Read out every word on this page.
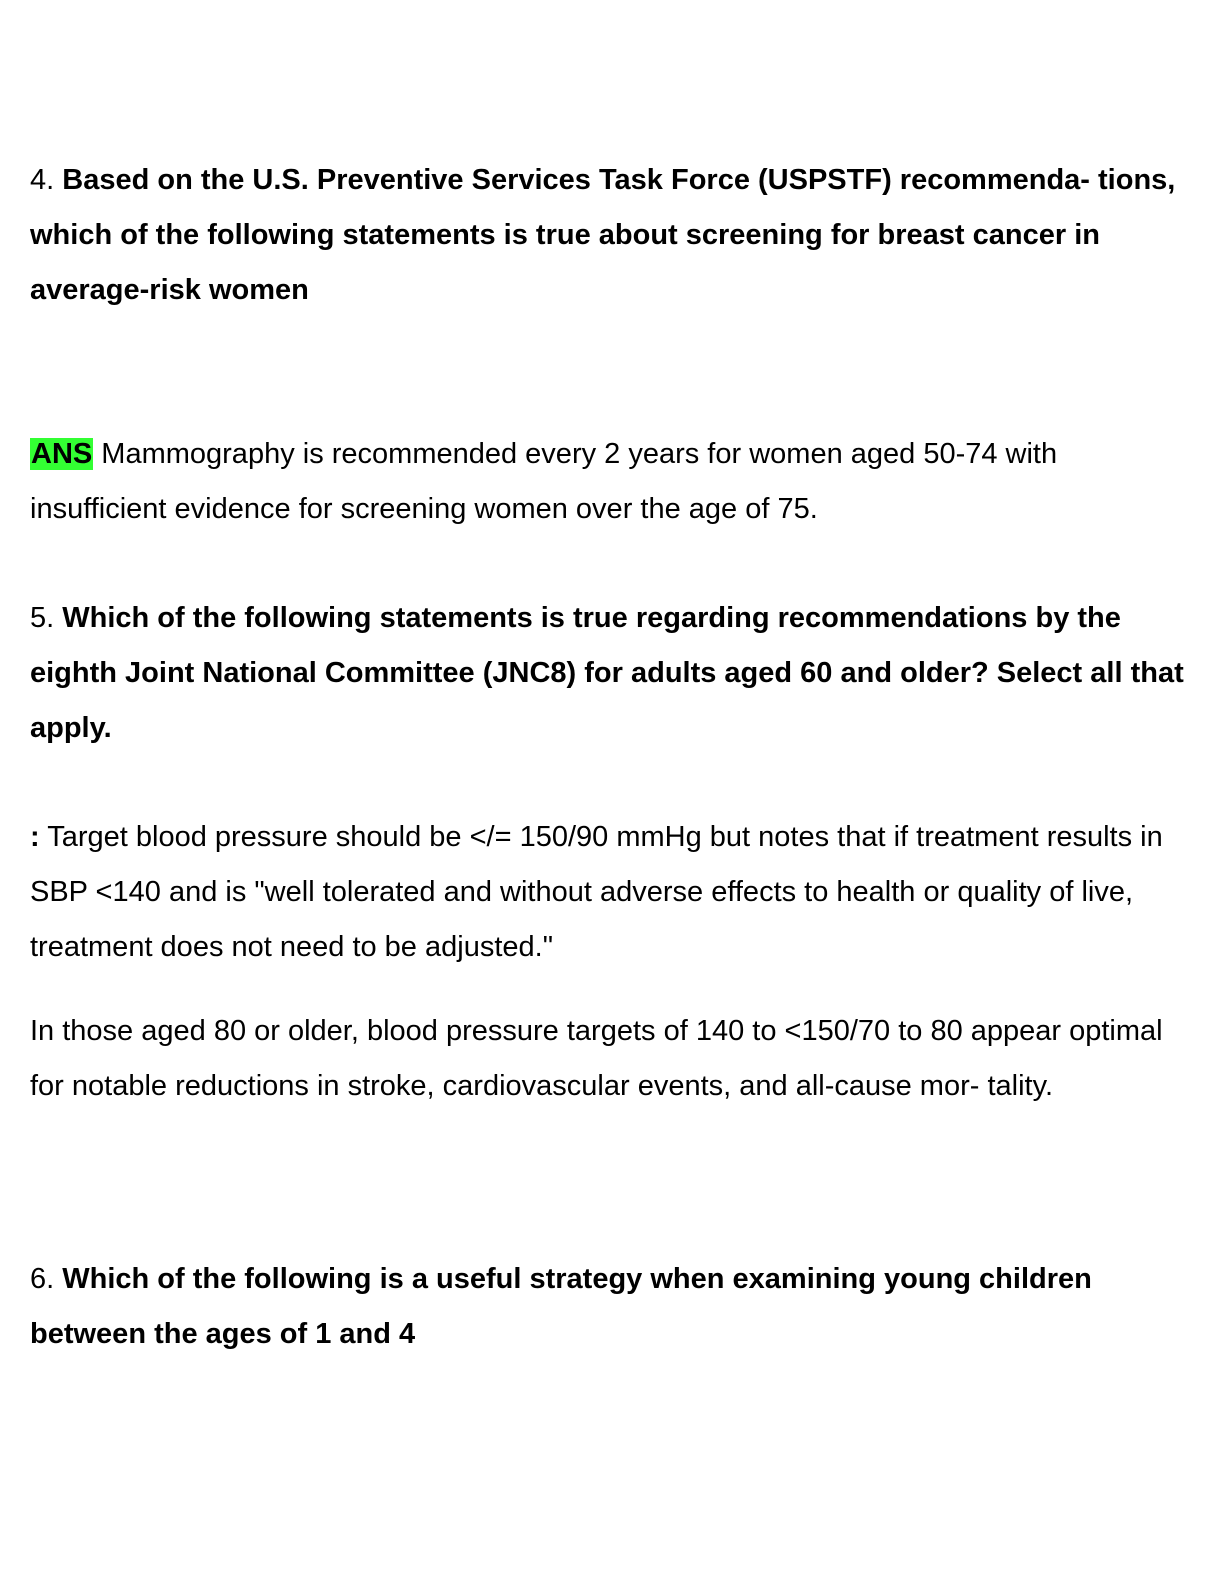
4. Based on the U.S. Preventive Services Task Force (USPSTF) recommenda- tions, which of the following statements is true about screening for breast cancer in average-risk women

ANS Mammography is recommended every 2 years for women aged 50-74 with insufficient evidence for screening women over the age of 75.

5. Which of the following statements is true regarding recommendations by the eighth Joint National Committee (JNC8) for adults aged 60 and older? Select all that apply.

: Target blood pressure should be </= 150/90 mmHg but notes that if treatment results in SBP <140 and is "well tolerated and without adverse effects to health or quality of live, treatment does not need to be adjusted."

In those aged 80 or older, blood pressure targets of 140 to <150/70 to 80 appear optimal for notable reductions in stroke, cardiovascular events, and all-cause mor- tality.

6. Which of the following is a useful strategy when examining young children between the ages of 1 and 4
